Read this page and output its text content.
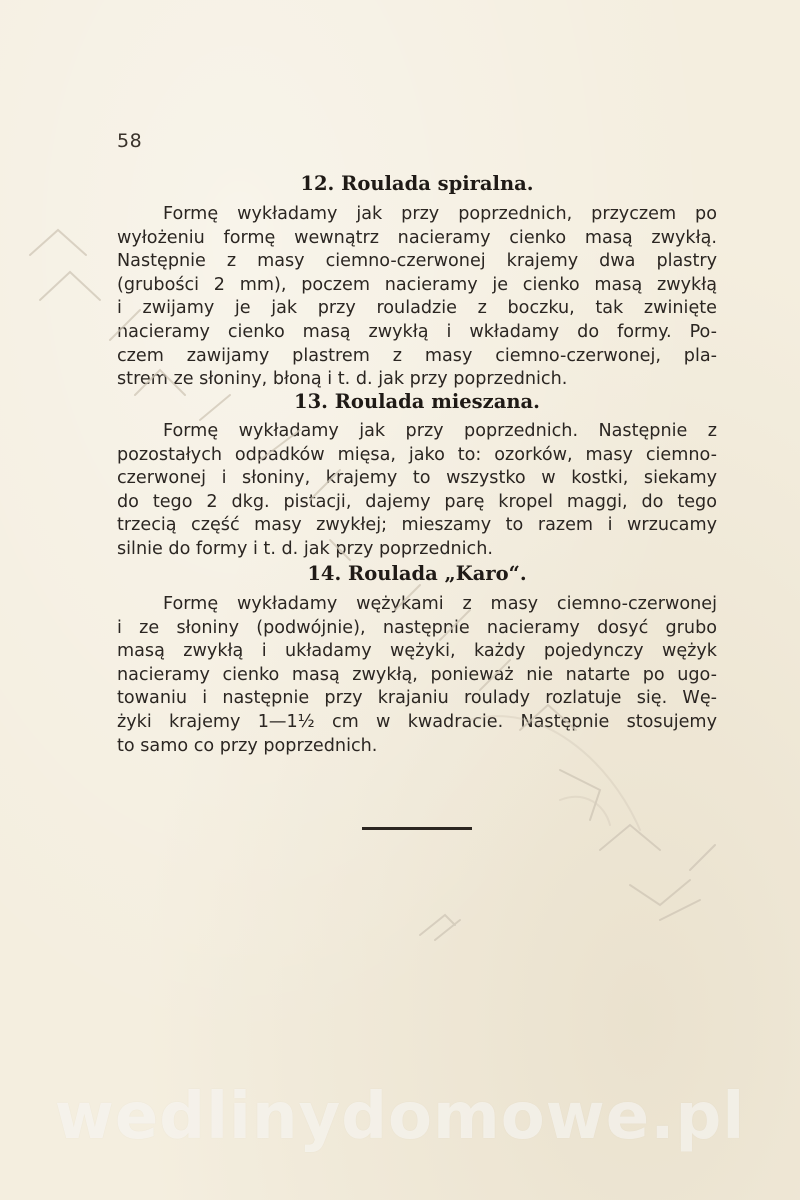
58
12. Roulada spiralna.
Formę wykładamy jak przy poprzednich, przyczem po
wyłożeniu formę wewnątrz nacieramy cienko masą zwykłą.
Następnie z masy ciemno-czerwonej krajemy dwa plastry
(grubości 2 mm), poczem nacieramy je cienko masą zwykłą
i zwijamy je jak przy rouladzie z boczku, tak zwinięte
nacieramy cienko masą zwykłą i wkładamy do formy. Po-
czem zawijamy plastrem z masy ciemno-czerwonej, pla-
strem ze słoniny, błoną i t. d. jak przy poprzednich.
13. Roulada mieszana.
Formę wykładamy jak przy poprzednich. Następnie z
pozostałych odpadków mięsa, jako to: ozorków, masy ciemno-
czerwonej i słoniny, krajemy to wszystko w kostki, siekamy
do tego 2 dkg. pistacji, dajemy parę kropel maggi, do tego
trzecią część masy zwykłej; mieszamy to razem i wrzucamy
silnie do formy i t. d. jak przy poprzednich.
14. Roulada „Karo“.
Formę wykładamy wężykami z masy ciemno-czerwonej
i ze słoniny (podwójnie), następnie nacieramy dosyć grubo
masą zwykłą i układamy wężyki, każdy pojedynczy wężyk
nacieramy cienko masą zwykłą, ponieważ nie natarte po ugo-
towaniu i następnie przy krajaniu roulady rozlatuje się. Wę-
żyki krajemy 1—1½ cm w kwadracie. Następnie stosujemy
to samo co przy poprzednich.
wedlinydomowe.pl
